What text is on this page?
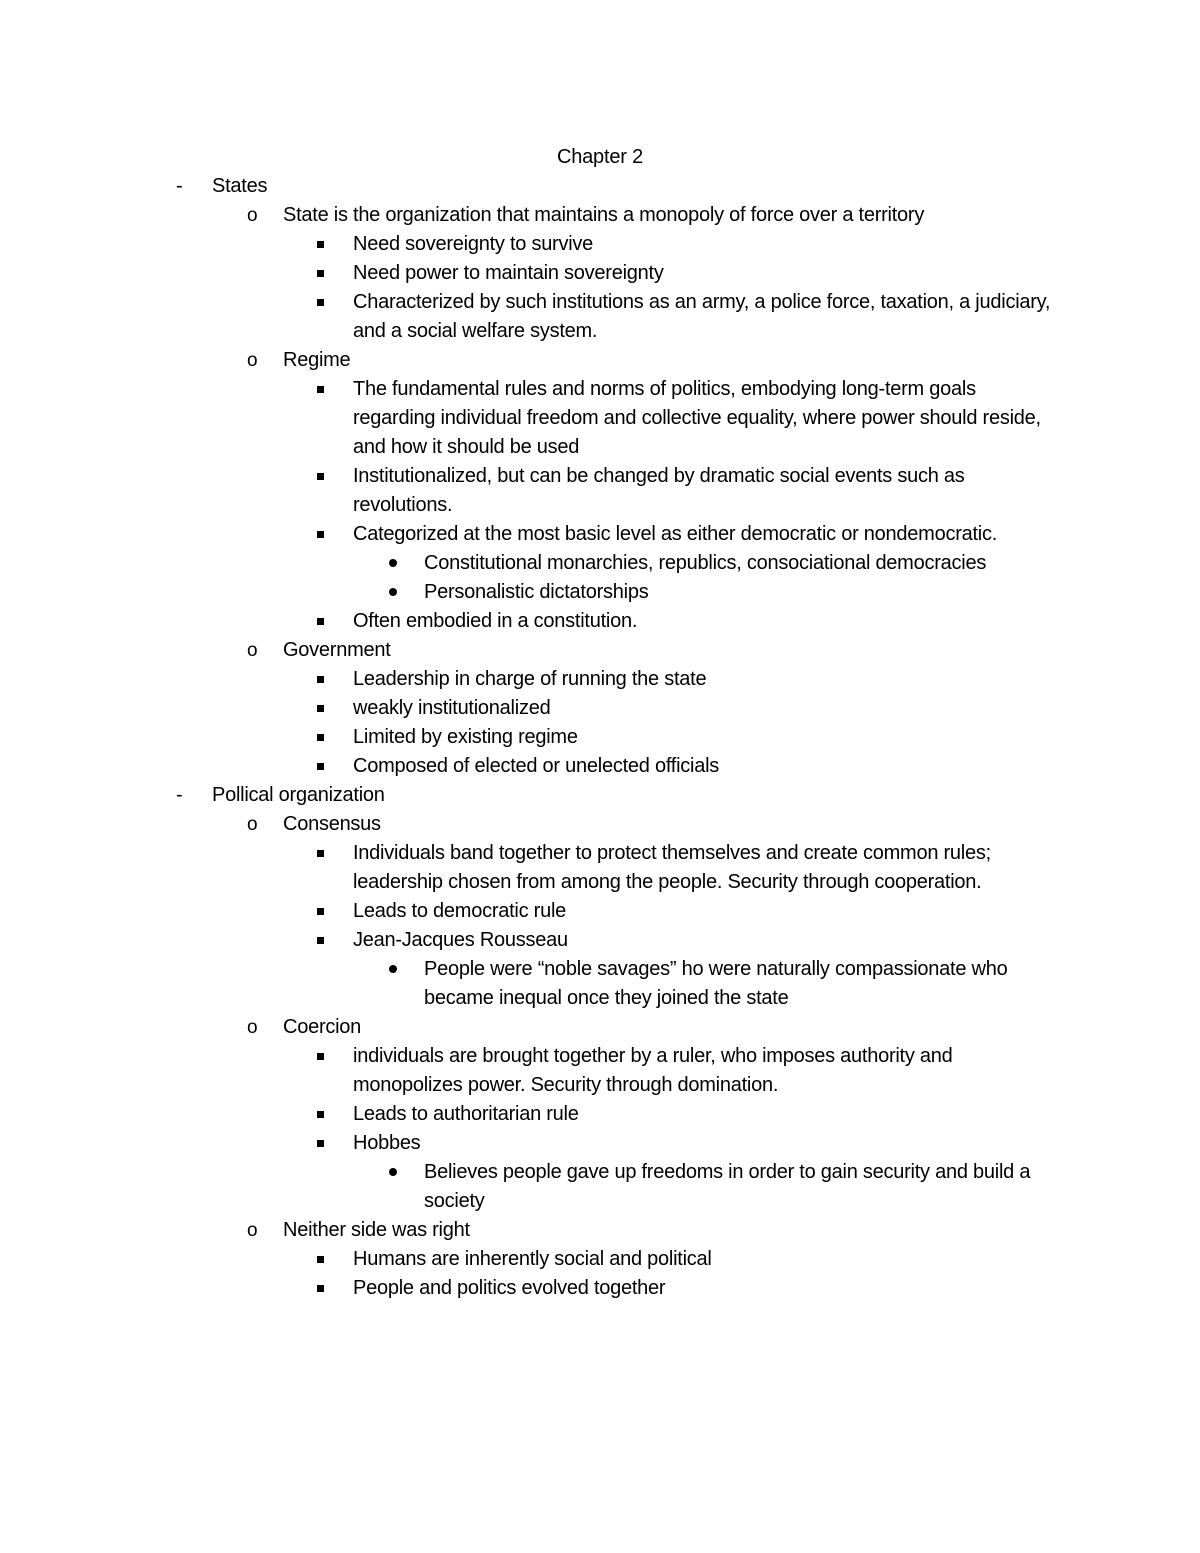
Chapter 2
- States
o State is the organization that maintains a monopoly of force over a territory
Need sovereignty to survive
Need power to maintain sovereignty
Characterized by such institutions as an army, a police force, taxation, a judiciary, and a social welfare system.
o Regime
The fundamental rules and norms of politics, embodying long-term goals regarding individual freedom and collective equality, where power should reside, and how it should be used
Institutionalized, but can be changed by dramatic social events such as revolutions.
Categorized at the most basic level as either democratic or nondemocratic.
Constitutional monarchies, republics, consociational democracies
Personalistic dictatorships
Often embodied in a constitution.
o Government
Leadership in charge of running the state
weakly institutionalized
Limited by existing regime
Composed of elected or unelected officials
- Pollical organization
o Consensus
Individuals band together to protect themselves and create common rules; leadership chosen from among the people. Security through cooperation.
Leads to democratic rule
Jean-Jacques Rousseau
People were “noble savages” ho were naturally compassionate who became inequal once they joined the state
o Coercion
individuals are brought together by a ruler, who imposes authority and monopolizes power. Security through domination.
Leads to authoritarian rule
Hobbes
Believes people gave up freedoms in order to gain security and build a society
o Neither side was right
Humans are inherently social and political
People and politics evolved together
